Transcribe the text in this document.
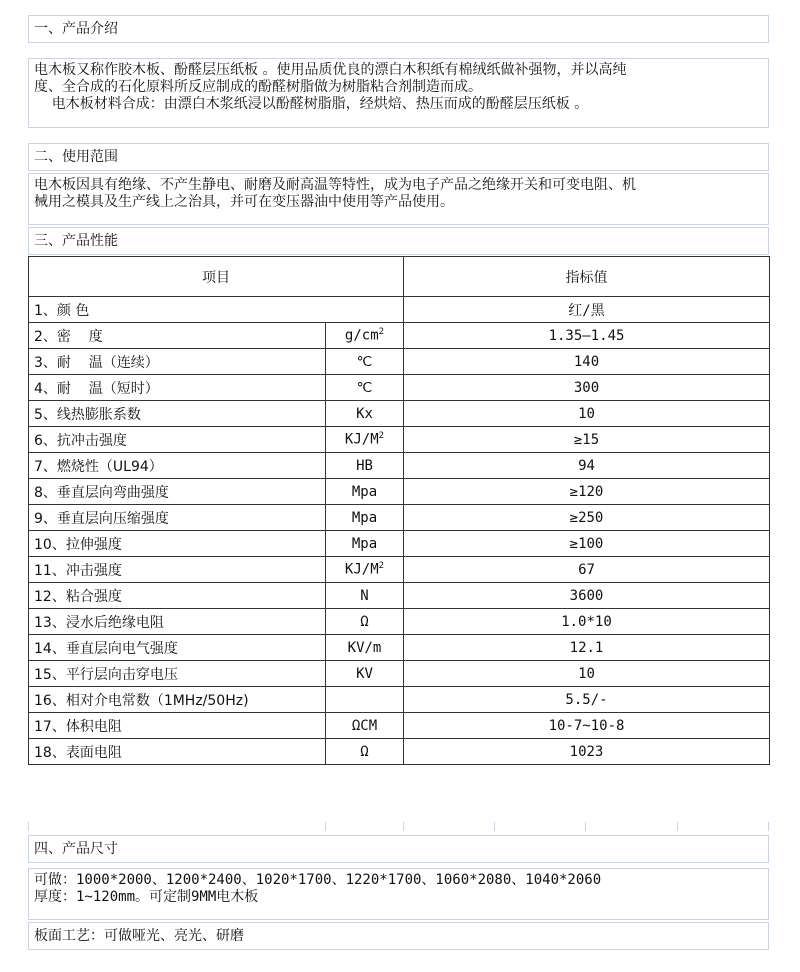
一、产品介绍
电木板又称作胶木板、酚醛层压纸板 。使用品质优良的漂白木积纸有棉绒纸做补强物，并以高纯
度、全合成的石化原料所反应制成的酚醛树脂做为树脂粘合剂制造而成。
电木板材料合成：由漂白木浆纸浸以酚醛树脂脂，经烘焙、热压而成的酚醛层压纸板 。
二、使用范围
电木板因具有绝缘、不产生静电、耐磨及耐高温等特性，成为电子产品之绝缘开关和可变电阻、机
械用之模具及生产线上之治具，并可在变压器油中使用等产品使用。
三、产品性能
项目		指标值
1、颜 色		红/黑
2、密    度	$g/cm^2$	1.35—1.45
3、耐    温（连续）	℃	140
4、耐    温（短时）	℃	300
5、线热膨胀系数	Kx	10
6、抗冲击强度	$KJ/M^2$	≥15
7、燃烧性（UL94）	HB	94
8、垂直层向弯曲强度	Mpa	≥120
9、垂直层向压缩强度	Mpa	≥250
10、拉伸强度	Mpa	≥100
11、冲击强度	$KJ/M^2$	67
12、粘合强度	N	3600
13、浸水后绝缘电阻	Ω	1.0*10
14、垂直层向电气强度	KV/m	12.1
15、平行层向击穿电压	KV	10
16、相对介电常数（1MHz/50Hz)		5.5/-
17、体积电阻	ΩCM	10-7~10-8
18、表面电阻	Ω	1023
四、产品尺寸
可做：1000*2000、1200*2400、1020*1700、1220*1700、1060*2080、1040*2060
厚度：1~120mm。可定制9MM电木板
板面工艺：可做哑光、亮光、研磨
